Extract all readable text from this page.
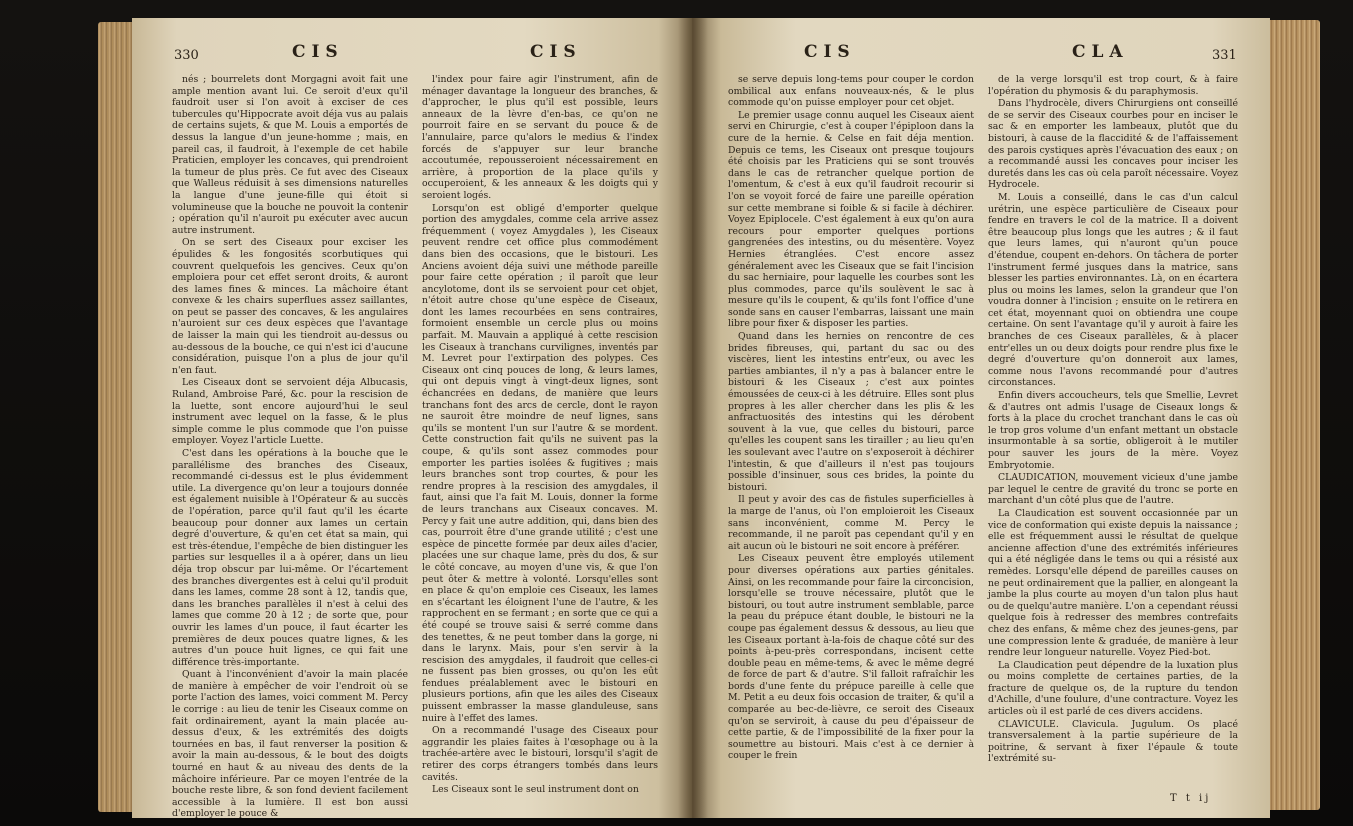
330	C I S	C I S

nés ; bourrelets dont Morgagni avoit fait une ample mention avant lui. Ce seroit d'eux qu'il faudroit user si l'on avoit à exciser de ces tubercules qu'Hippocrate avoit déja vus au palais de certains sujets, & que M. Louis a emportés de dessus la langue d'un jeune-homme ; mais, en pareil cas, il faudroit, à l'exemple de cet habile Praticien, employer les concaves, qui prendroient la tumeur de plus près. Ce fut avec des Ciseaux que Walleus réduisit à ses dimensions naturelles la langue d'une jeune-fille qui étoit si volumineuse que la bouche ne pouvoit la contenir ; opération qu'il n'auroit pu exécuter avec aucun autre instrument.

On se sert des Ciseaux pour exciser les épulides & les fongosités scorbutiques qui couvrent quelquefois les gencives. Ceux qu'on emploiera pour cet effet seront droits, & auront des lames fines & minces. La mâchoire étant convexe & les chairs superflues assez saillantes, on peut se passer des concaves, & les angulaires n'auroient sur ces deux espèces que l'avantage de laisser la main qui les tiendroit au-dessus ou au-dessous de la bouche, ce qui n'est ici d'aucune considération, puisque l'on a plus de jour qu'il n'en faut.

Les Ciseaux dont se servoient déja Albucasis, Ruland, Ambroise Paré, &c. pour la rescision de la luette, sont encore aujourd'hui le seul instrument avec lequel on la fasse, & le plus simple comme le plus commode que l'on puisse employer. Voyez l'article Luette.

C'est dans les opérations à la bouche que le parallélisme des branches des Ciseaux, recommandé ci-dessus est le plus évidemment utile. La divergence qu'on leur a toujours donnée est également nuisible à l'Opérateur & au succès de l'opération, parce qu'il faut qu'il les écarte beaucoup pour donner aux lames un certain degré d'ouverture, & qu'en cet état sa main, qui est très-étendue, l'empêche de bien distinguer les parties sur lesquelles il a à opérer, dans un lieu déja trop obscur par lui-même. Or l'écartement des branches divergentes est à celui qu'il produit dans les lames, comme 28 sont à 12, tandis que, dans les branches parallèles il n'est à celui des lames que comme 20 à 12 ; de sorte que, pour ouvrir les lames d'un pouce, il faut écarter les premières de deux pouces quatre lignes, & les autres d'un pouce huit lignes, ce qui fait une différence très-importante.

Quant à l'inconvénient d'avoir la main placée de manière à empêcher de voir l'endroit où se porte l'action des lames, voici comment M. Percy le corrige : au lieu de tenir les Ciseaux comme on fait ordinairement, ayant la main placée au-dessus d'eux, & les extrémités des doigts tournées en bas, il faut renverser la position & avoir la main au-dessous, & le bout des doigts tourné en haut & au niveau des dents de la mâchoire inférieure. Par ce moyen l'entrée de la bouche reste libre, & son fond devient facilement accessible à la lumière. Il est bon aussi d'employer le pouce &

l'index pour faire agir l'instrument, afin de ménager davantage la longueur des branches, & d'approcher, le plus qu'il est possible, leurs anneaux de la lèvre d'en-bas, ce qu'on ne pourroit faire en se servant du pouce & de l'annulaire, parce qu'alors le medius & l'index forcés de s'appuyer sur leur branche accoutumée, repousseroient nécessairement en arrière, à proportion de la place qu'ils y occuperoient, & les anneaux & les doigts qui y seroient logés.

Lorsqu'on est obligé d'emporter quelque portion des amygdales, comme cela arrive assez fréquemment ( voyez Amygdales ), les Ciseaux peuvent rendre cet office plus commodément dans bien des occasions, que le bistouri. Les Anciens avoient déja suivi une méthode pareille pour faire cette opération ; il paroît que leur ancylotome, dont ils se servoient pour cet objet, n'étoit autre chose qu'une espèce de Ciseaux, dont les lames recourbées en sens contraires, formoient ensemble un cercle plus ou moins parfait. M. Mauvain a appliqué à cette rescision les Ciseaux à tranchans curvilignes, inventés par M. Levret pour l'extirpation des polypes. Ces Ciseaux ont cinq pouces de long, & leurs lames, qui ont depuis vingt à vingt-deux lignes, sont échancrées en dedans, de manière que leurs tranchans font des arcs de cercle, dont le rayon ne sauroit être moindre de neuf lignes, sans qu'ils se montent l'un sur l'autre & se mordent. Cette construction fait qu'ils ne suivent pas la coupe, & qu'ils sont assez commodes pour emporter les parties isolées & fugitives ; mais leurs branches sont trop courtes, & pour les rendre propres à la rescision des amygdales, il faut, ainsi que l'a fait M. Louis, donner la forme de leurs tranchans aux Ciseaux concaves. M. Percy y fait une autre addition, qui, dans bien des cas, pourroit être d'une grande utilité ; c'est une espèce de pincette formée par deux ailes d'acier, placées une sur chaque lame, près du dos, & sur le côté concave, au moyen d'une vis, & que l'on peut ôter & mettre à volonté. Lorsqu'elles sont en place & qu'on emploie ces Ciseaux, les lames en s'écartant les éloignent l'une de l'autre, & les rapprochent en se fermant ; en sorte que ce qui a été coupé se trouve saisi & serré comme dans des tenettes, & ne peut tomber dans la gorge, ni dans le larynx. Mais, pour s'en servir à la rescision des amygdales, il faudroit que celles-ci ne fussent pas bien grosses, ou qu'on les eût fendues préalablement avec le bistouri en plusieurs portions, afin que les ailes des Ciseaux puissent embrasser la masse glanduleuse, sans nuire à l'effet des lames.

On a recommandé l'usage des Ciseaux pour aggrandir les plaies faites à l'œsophage ou à la trachée-artère avec le bistouri, lorsqu'il s'agit de retirer des corps étrangers tombés dans leurs cavités.

Les Ciseaux sont le seul instrument dont on

C I S	C L A	331

se serve depuis long-tems pour couper le cordon ombilical aux enfans nouveaux-nés, & le plus commode qu'on puisse employer pour cet objet.

Le premier usage connu auquel les Ciseaux aient servi en Chirurgie, c'est à couper l'épiploon dans la cure de la hernie. & Celse en fait déja mention. Depuis ce tems, les Ciseaux ont presque toujours été choisis par les Praticiens qui se sont trouvés dans le cas de retrancher quelque portion de l'omentum, & c'est à eux qu'il faudroit recourir si l'on se voyoit forcé de faire une pareille opération sur cette membrane si foible & si facile à déchirer. Voyez Epiplocele. C'est également à eux qu'on aura recours pour emporter quelques portions gangrenées des intestins, ou du mésentère. Voyez Hernies étranglées. C'est encore assez généralement avec les Ciseaux que se fait l'incision du sac herniaire, pour laquelle les courbes sont les plus commodes, parce qu'ils soulèvent le sac à mesure qu'ils le coupent, & qu'ils font l'office d'une sonde sans en causer l'embarras, laissant une main libre pour fixer & disposer les parties.

Quand dans les hernies on rencontre de ces brides fibreuses, qui, partant du sac ou des viscères, lient les intestins entr'eux, ou avec les parties ambiantes, il n'y a pas à balancer entre le bistouri & les Ciseaux ; c'est aux pointes émoussées de ceux-ci à les détruire. Elles sont plus propres à les aller chercher dans les plis & les anfractuosités des intestins qui les dérobent souvent à la vue, que celles du bistouri, parce qu'elles les coupent sans les tirailler ; au lieu qu'en les soulevant avec l'autre on s'exposeroit à déchirer l'intestin, & que d'ailleurs il n'est pas toujours possible d'insinuer, sous ces brides, la pointe du bistouri.

Il peut y avoir des cas de fistules superficielles à la marge de l'anus, où l'on emploieroit les Ciseaux sans inconvénient, comme M. Percy le recommande, il ne paroît pas cependant qu'il y en ait aucun où le bistouri ne soit encore à préférer.

Les Ciseaux peuvent être employés utilement pour diverses opérations aux parties génitales. Ainsi, on les recommande pour faire la circoncision, lorsqu'elle se trouve nécessaire, plutôt que le bistouri, ou tout autre instrument semblable, parce la peau du prépuce étant double, le bistouri ne la coupe pas également dessus & dessous, au lieu que les Ciseaux portant à-la-fois de chaque côté sur des points à-peu-près correspondans, incisent cette double peau en même-tems, & avec le même degré de force de part & d'autre. S'il falloit rafraîchir les bords d'une fente du prépuce pareille à celle que M. Petit a eu deux fois occasion de traiter, & qu'il a comparée au bec-de-lièvre, ce seroit des Ciseaux qu'on se serviroit, à cause du peu d'épaisseur de cette partie, & de l'impossibilité de la fixer pour la soumettre au bistouri. Mais c'est à ce dernier à couper le frein

de la verge lorsqu'il est trop court, & à faire l'opération du phymosis & du paraphymosis.

Dans l'hydrocèle, divers Chirurgiens ont conseillé de se servir des Ciseaux courbes pour en inciser le sac & en emporter les lambeaux, plutôt que du bistouri, à cause de la flaccidité & de l'affaissement des parois cystiques après l'évacuation des eaux ; on a recommandé aussi les concaves pour inciser les duretés dans les cas où cela paroît nécessaire. Voyez Hydrocele.

M. Louis a conseillé, dans le cas d'un calcul urétrin, une espèce particulière de Ciseaux pour fendre en travers le col de la matrice. Il a doivent être beaucoup plus longs que les autres ; & il faut que leurs lames, qui n'auront qu'un pouce d'étendue, coupent en-dehors. On tâchera de porter l'instrument fermé jusques dans la matrice, sans blesser les parties environnantes. Là, on en écartera plus ou moins les lames, selon la grandeur que l'on voudra donner à l'incision ; ensuite on le retirera en cet état, moyennant quoi on obtiendra une coupe certaine. On sent l'avantage qu'il y auroit à faire les branches de ces Ciseaux parallèles, & à placer entr'elles un ou deux doigts pour rendre plus fixe le degré d'ouverture qu'on donneroit aux lames, comme nous l'avons recommandé pour d'autres circonstances.

Enfin divers accoucheurs, tels que Smellie, Levret & d'autres ont admis l'usage de Ciseaux longs & forts à la place du crochet tranchant dans le cas où le trop gros volume d'un enfant mettant un obstacle insurmontable à sa sortie, obligeroit à le mutiler pour sauver les jours de la mère. Voyez Embryotomie.

CLAUDICATION, mouvement vicieux d'une jambe par lequel le centre de gravité du tronc se porte en marchant d'un côté plus que de l'autre.

La Claudication est souvent occasionnée par un vice de conformation qui existe depuis la naissance ; elle est fréquemment aussi le résultat de quelque ancienne affection d'une des extrémités inférieures qui a été négligée dans le tems ou qui a résisté aux remèdes. Lorsqu'elle dépend de pareilles causes on ne peut ordinairement que la pallier, en alongeant la jambe la plus courte au moyen d'un talon plus haut ou de quelqu'autre manière. L'on a cependant réussi quelque fois à redresser des membres contrefaits chez des enfans, & même chez des jeunes-gens, par une compression lente & graduée, de manière à leur rendre leur longueur naturelle. Voyez Pied-bot.

La Claudication peut dépendre de la luxation plus ou moins complette de certaines parties, de la fracture de quelque os, de la rupture du tendon d'Achille, d'une foulure, d'une contracture. Voyez les articles où il est parlé de ces divers accidens.

CLAVICULE. Clavicula. Jugulum. Os placé transversalement à la partie supérieure de la poitrine, & servant à fixer l'épaule & toute l'extrémité su-

T t ij
